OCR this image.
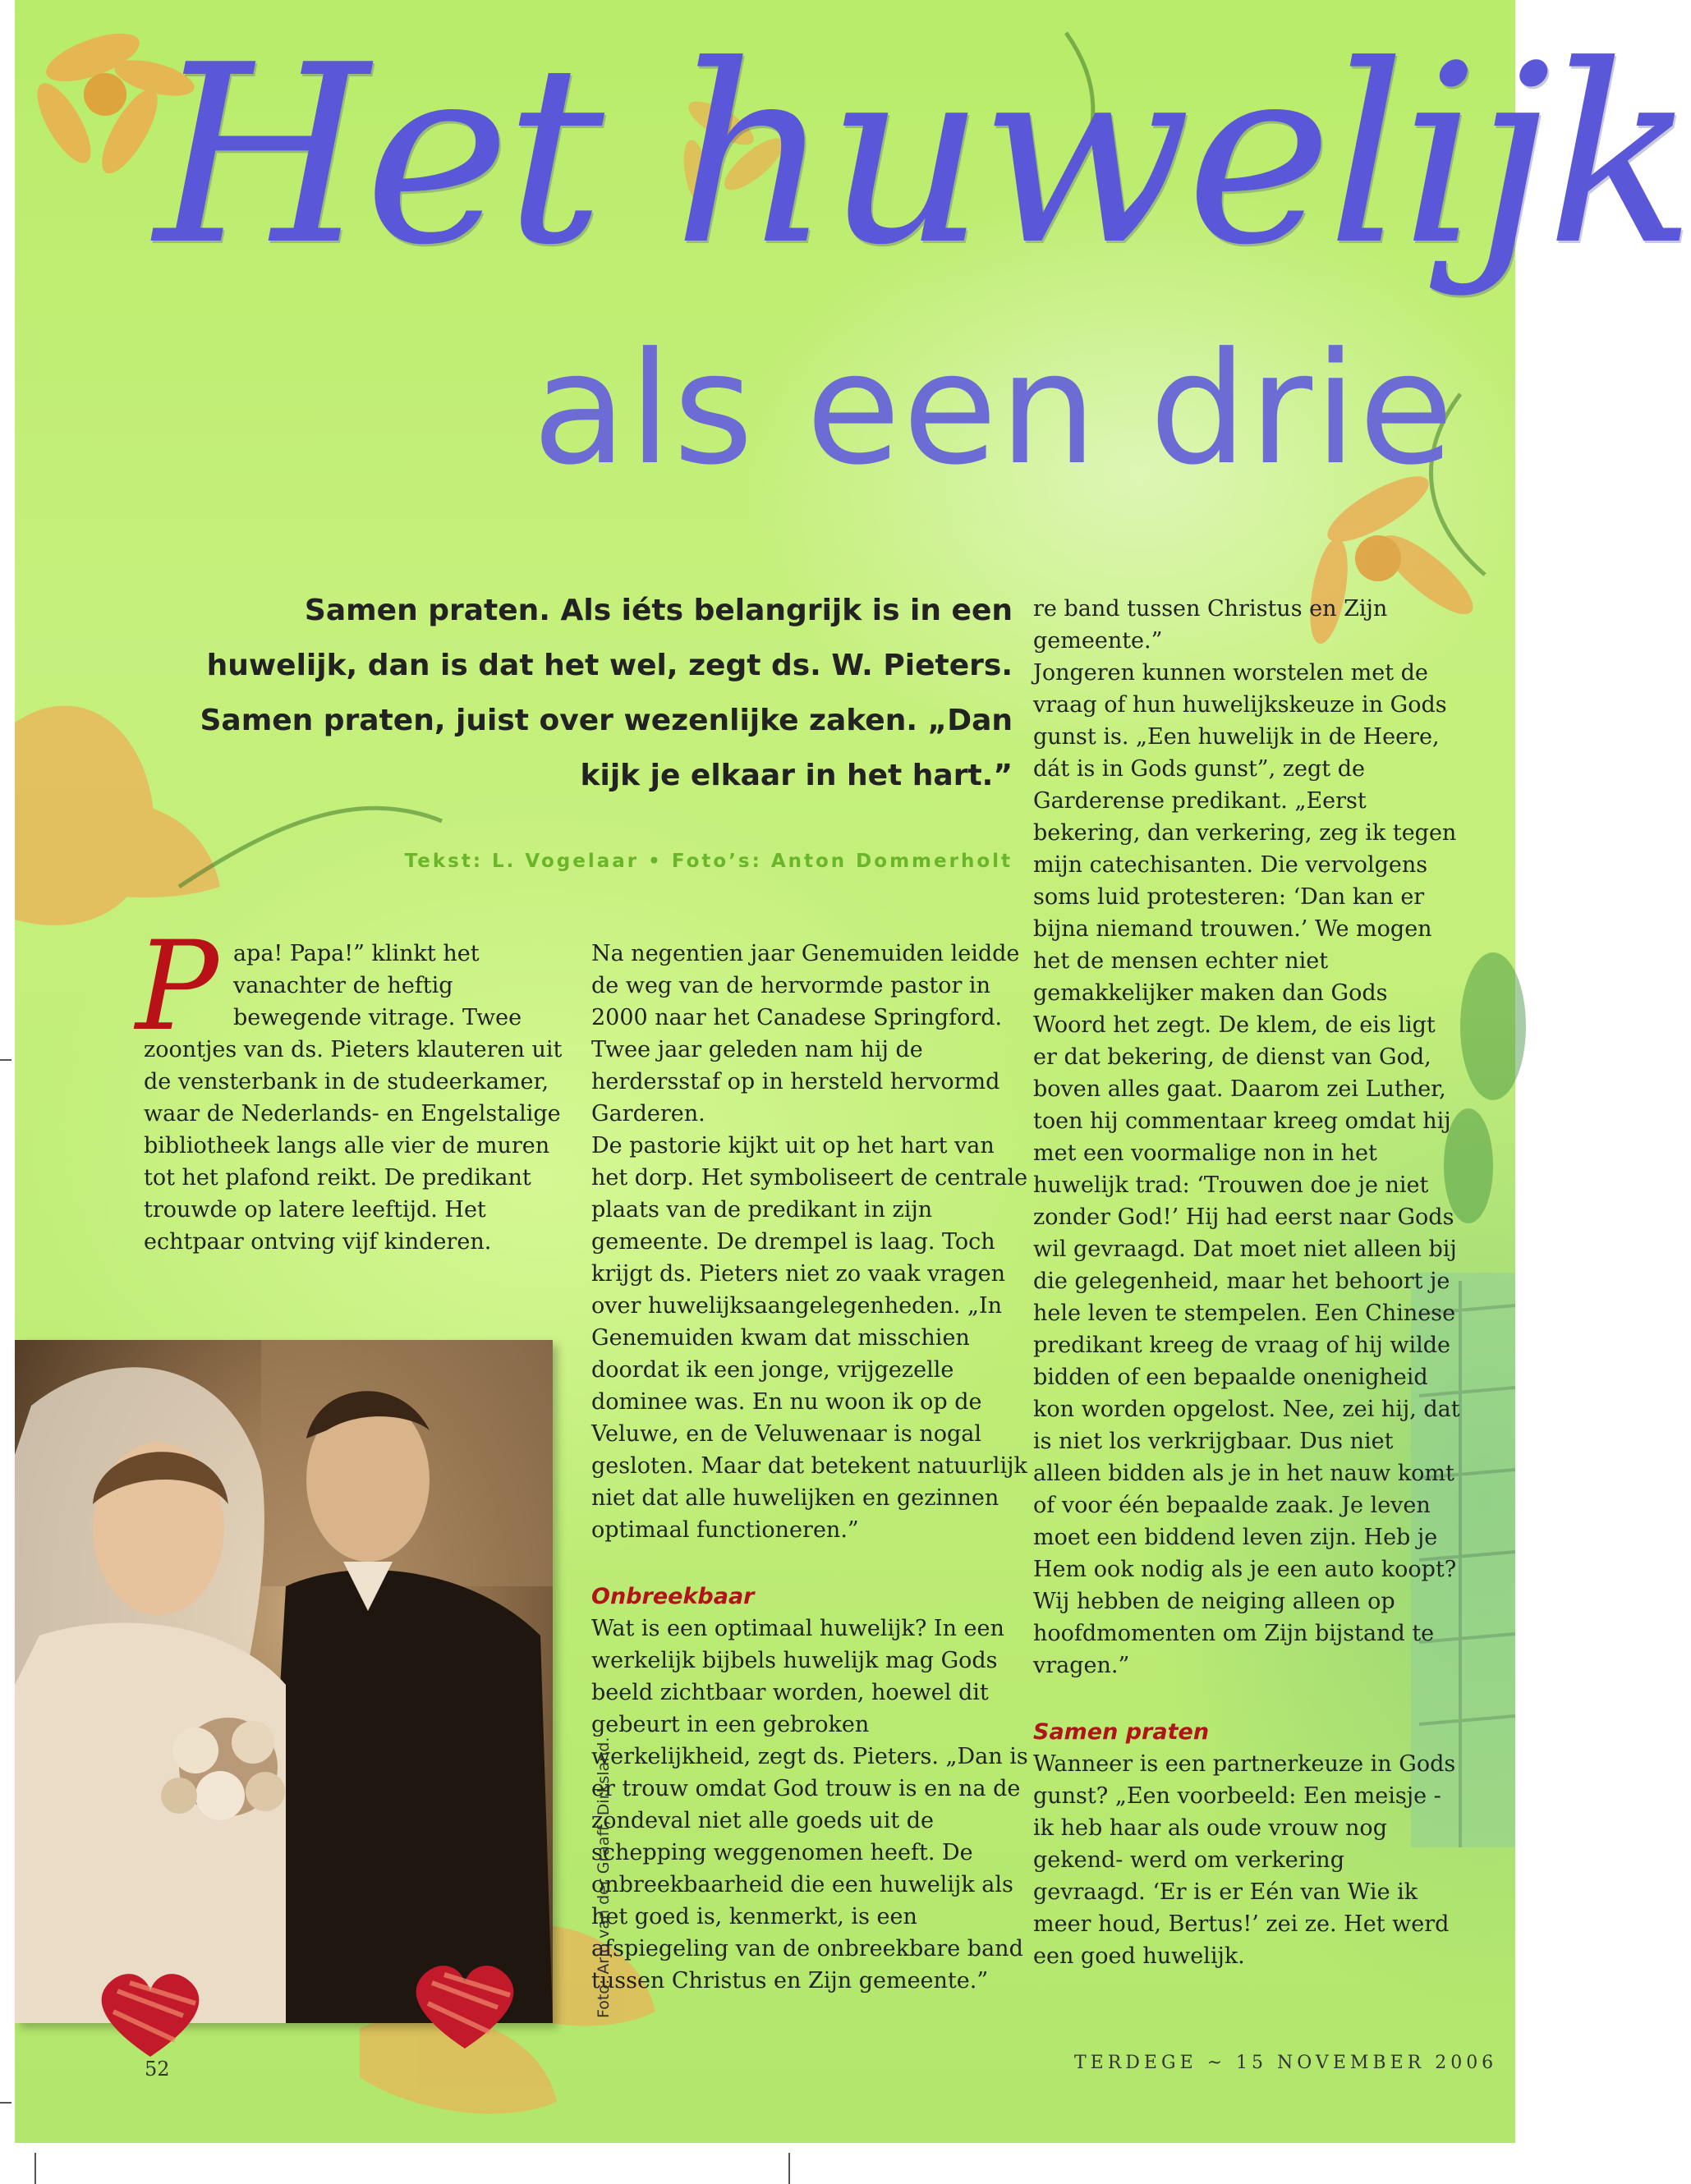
Het huwelijk
als een drie
Samen praten. Als iéts belangrijk is in een huwelijk, dan is dat het wel, zegt ds. W. Pieters. Samen praten, juist over wezenlijke zaken. „Dan kijk je elkaar in het hart.”
Tekst: L. Vogelaar • Foto’s: Anton Dommerholt

Papa! Papa!” klinkt het vanachter de heftig bewegende vitrage. Twee zoontjes van ds. Pieters klauteren uit de vensterbank in de studeerkamer, waar de Nederlands- en Engelstalige bibliotheek langs alle vier de muren tot het plafond reikt. De predikant trouwde op latere leeftijd. Het echtpaar ontving vijf kinderen.

Na negentien jaar Genemuiden leidde de weg van de hervormde pastor in 2000 naar het Canadese Springford. Twee jaar geleden nam hij de herdersstaf op in hersteld hervormd Garderen.

De pastorie kijkt uit op het hart van het dorp. Het symboliseert de centrale plaats van de predikant in zijn gemeente. De drempel is laag. Toch krijgt ds. Pieters niet zo vaak vragen over huwelijksaangelegenheden. „In Genemuiden kwam dat misschien doordat ik een jonge, vrijgezelle dominee was. En nu woon ik op de Veluwe, en de Veluwenaar is nogal gesloten. Maar dat betekent natuurlijk niet dat alle huwelijken en gezinnen optimaal functioneren.”

Onbreekbaar

Wat is een optimaal huwelijk? In een werkelijk bijbels huwelijk mag Gods beeld zichtbaar worden, hoewel dit gebeurt in een gebroken werkelijkheid, zegt ds. Pieters. „Dan is er trouw omdat God trouw is en na de zondeval niet alle goeds uit de schepping weggenomen heeft. De onbreekbaarheid die een huwelijk als het goed is, kenmerkt, is een afspiegeling van de onbreekbare band tussen Christus en Zijn gemeente.”

re band tussen Christus en Zijn gemeente.”

Jongeren kunnen worstelen met de vraag of hun huwelijkskeuze in Gods gunst is. „Een huwelijk in de Heere, dát is in Gods gunst”, zegt de Garderense predikant. „Eerst bekering, dan verkering, zeg ik tegen mijn catechisanten. Die vervolgens soms luid protesteren: ‘Dan kan er bijna niemand trouwen.’ We mogen het de mensen echter niet gemakkelijker maken dan Gods Woord het zegt. De klem, de eis ligt er dat bekering, de dienst van God, boven alles gaat. Daarom zei Luther, toen hij commentaar kreeg omdat hij met een voormalige non in het huwelijk trad: ‘Trouwen doe je niet zonder God!’ Hij had eerst naar Gods wil gevraagd. Dat moet niet alleen bij die gelegenheid, maar het behoort je hele leven te stempelen. Een Chinese predikant kreeg de vraag of hij wilde bidden of een bepaalde onenigheid kon worden opgelost. Nee, zei hij, dat is niet los verkrijgbaar. Dus niet alleen bidden als je in het nauw komt of voor één bepaalde zaak. Je leven moet een biddend leven zijn. Heb je Hem ook nodig als je een auto koopt? Wij hebben de neiging alleen op hoofdmomenten om Zijn bijstand te vragen.”

Samen praten

Wanneer is een partnerkeuze in Gods gunst? „Een voorbeeld: Een meisje -ik heb haar als oude vrouw nog gekend- werd om verkering gevraagd. ‘Er is er Eén van Wie ik meer houd, Bertus!’ zei ze. Het werd een goed huwelijk.

Foto: Arjo van der Graaff, Dirksland.
52	TERDEGE ~ 15 NOVEMBER 2006
